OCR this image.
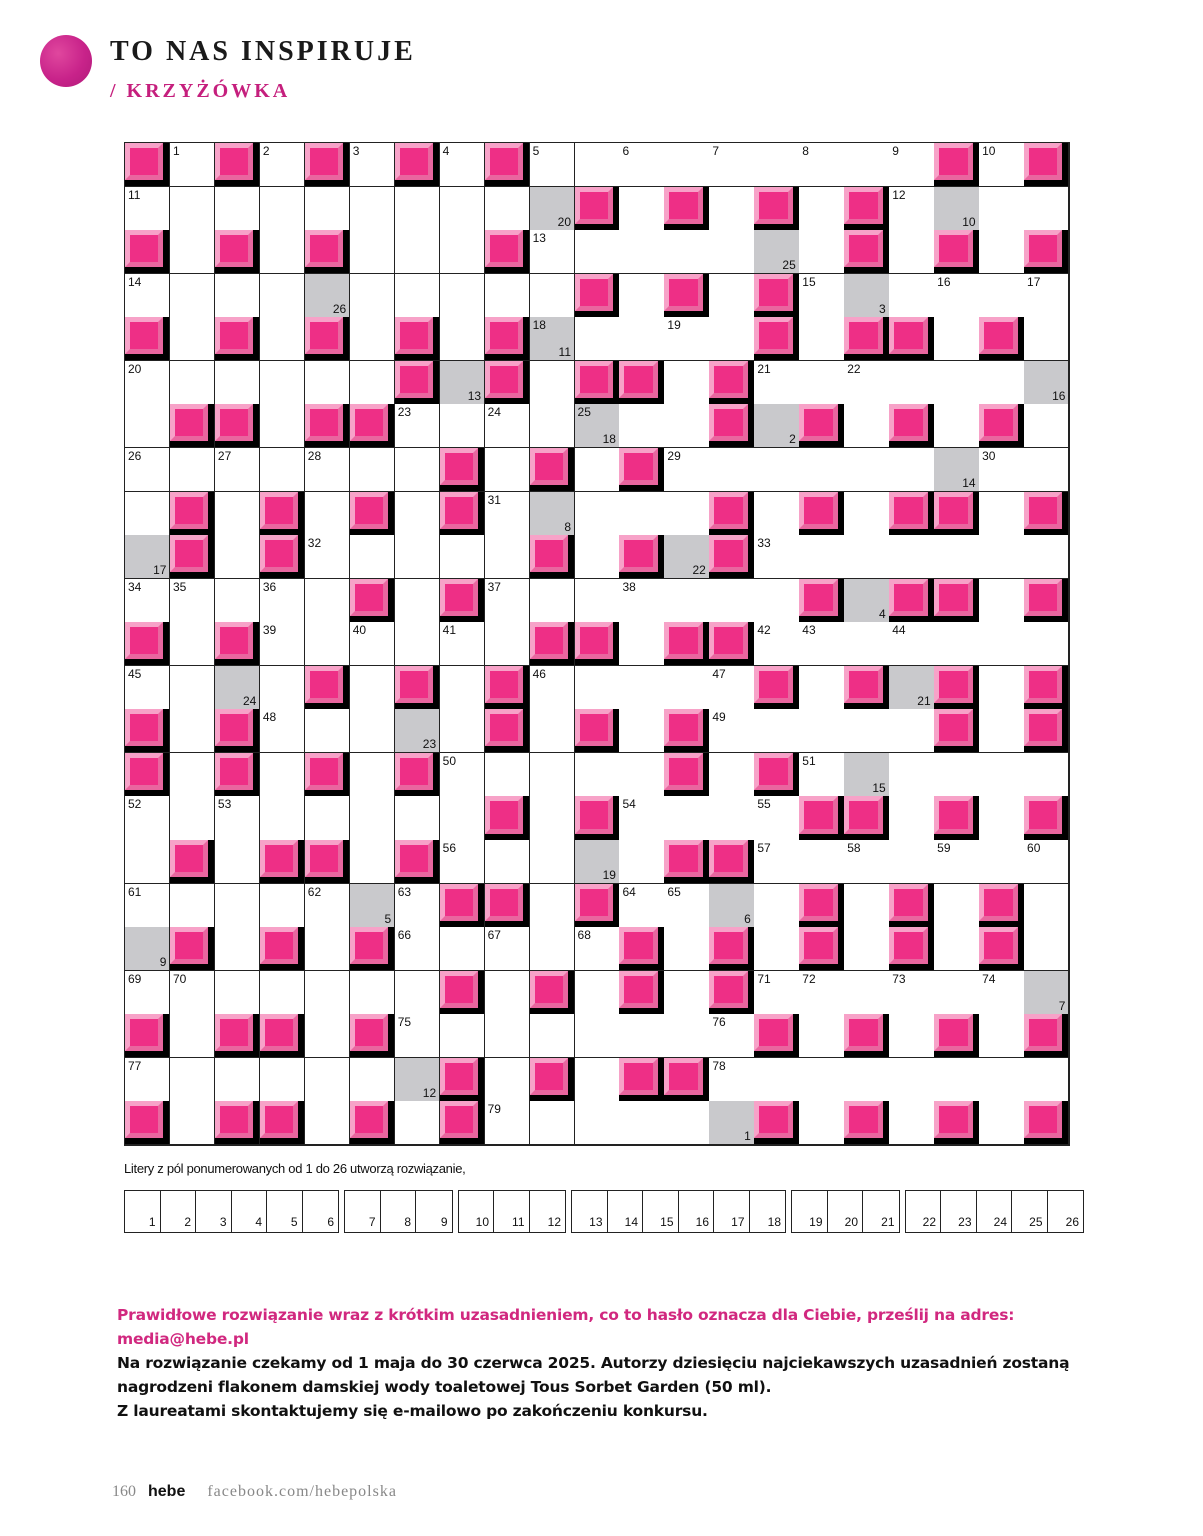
TO NAS INSPIRUJE
/ KRZYŻÓWKA
1	2	3	4	5	6	7	8	9	10
11
20
12
10
13
25
14
26
15
3
16	17
18
11
19
20
13
21	22
16
23	24	25
18	2
26	27	28	29
14
30
31
8
17
32
22
33
34	35	36	37	38
4
39	40	41	42	43	44
45
24
46	47
21
48
23
49
50	51
15
52	53	54	55
56
19
57	58	59	60
61	62
5
63	64	65
6
9
66	67	68
69	70	71	72	73	74
7
75	76
77
12
78
79
1

Litery z pól ponumerowanych od 1 do 26 utworzą rozwiązanie,

1 2 3 4 5 6	7 8 9 10 11 12 13 14 15 16 17 18 19 20 21 22 23 24 25 26

Prawidłowe rozwiązanie wraz z krótkim uzasadnieniem, co to hasło oznacza dla Ciebie, prześlij na adres:

media@hebe.pl

Na rozwiązanie czekamy od 1 maja do 30 czerwca 2025. Autorzy dziesięciu najciekawszych uzasadnień zostaną

nagrodzeni flakonem damskiej wody toaletowej Tous Sorbet Garden (50 ml).

Z laureatami skontaktujemy się e-mailowo po zakończeniu konkursu.

160 hebe facebook.com/hebepolska
